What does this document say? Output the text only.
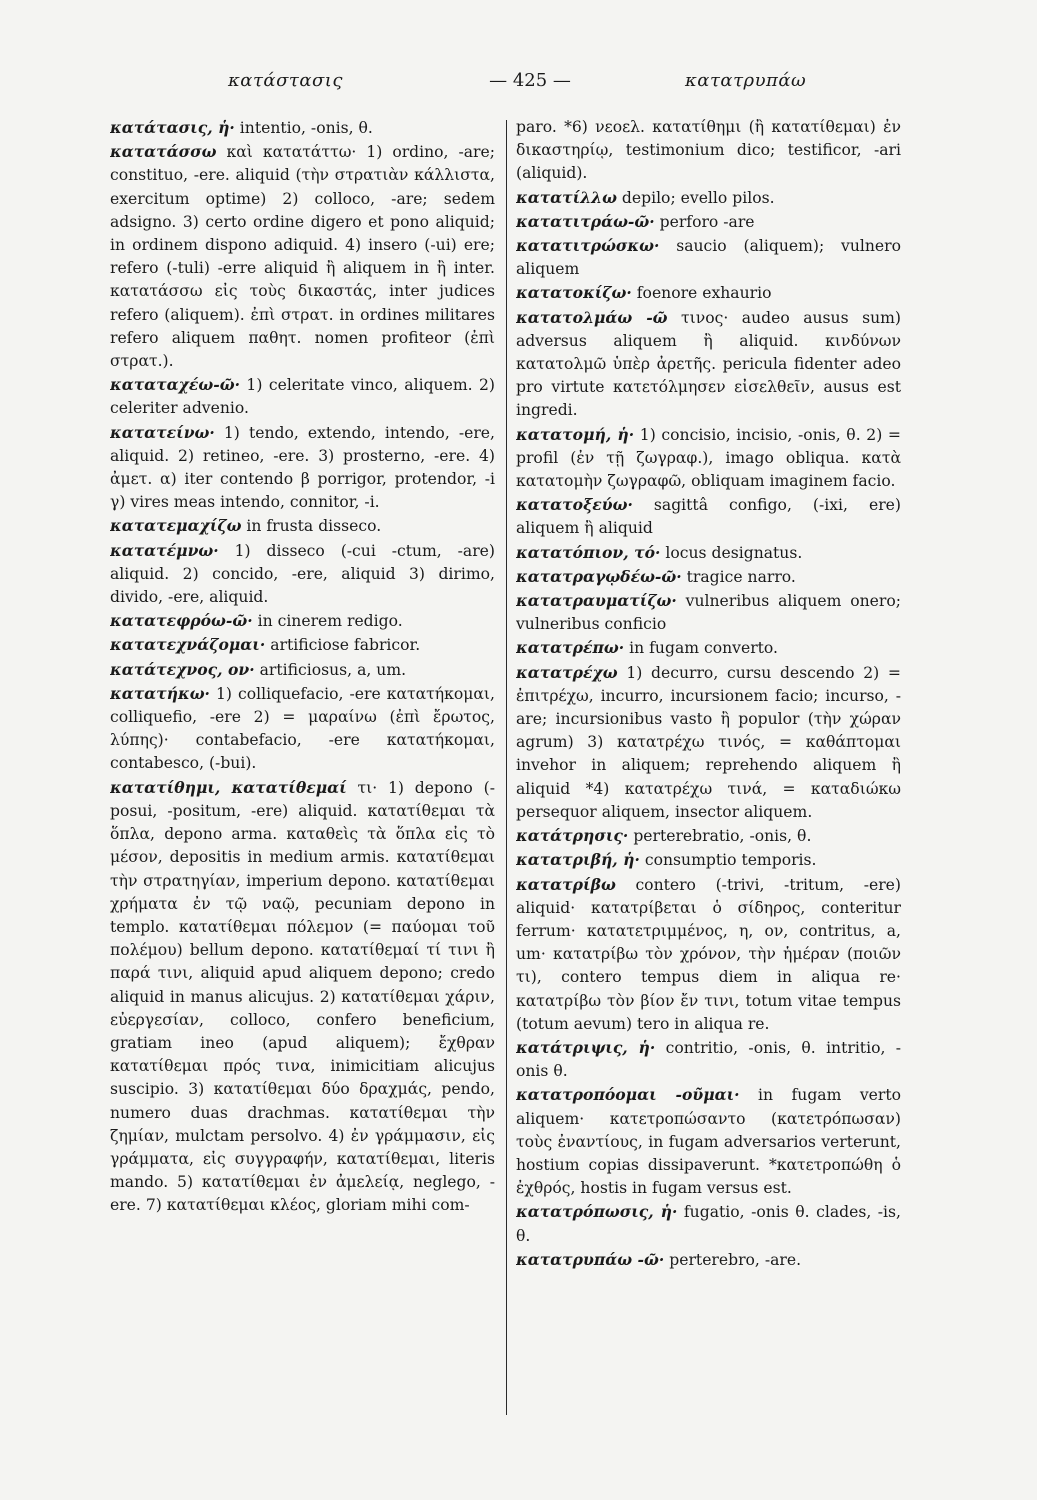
κατάστασις	— 425 —	κατατρυπάω

κατάτασις, ἡ· intentio, -onis, θ.

κατατάσσω καὶ κατατάττω· 1) ordino, -are; constituo, -ere. aliquid (τὴν στρατιὰν κάλλιστα, exercitum optime) 2) colloco, -are; sedem adsigno. 3) certo ordine digero et pono aliquid; in ordinem dispono adiquid. 4) insero (-ui) ere; refero (-tuli) -erre aliquid ἢ aliquem in ἢ inter. κατατάσσω εἰς τοὺς δικαστάς, inter judices refero (aliquem). ἐπὶ στρατ. in ordines militares refero aliquem παθητ. nomen profiteor (ἐπὶ στρατ.).

καταταχέω-ῶ· 1) celeritate vinco, aliquem. 2) celeriter advenio.

κατατείνω· 1) tendo, extendo, intendo, -ere, aliquid. 2) retineo, -ere. 3) prosterno, -ere. 4) ἀμετ. α) iter contendo β porrigor, protendor, -i γ) vires meas intendo, connitor, -i.

κατατεμαχίζω in frusta disseco.

κατατέμνω· 1) disseco (-cui -ctum, -are) aliquid. 2) concido, -ere, aliquid 3) dirimo, divido, -ere, aliquid.

κατατεφρόω-ῶ· in cinerem redigo.

κατατεχνάζομαι· artificiose fabricor.

κατάτεχνος, ον· artificiosus, a, um.

κατατήκω· 1) colliquefacio, -ere κατατήκομαι, colliquefio, -ere 2) = μαραίνω (ἐπὶ ἔρωτος, λύπης)· contabefacio, -ere κατατήκομαι, contabesco, (-bui).

κατατίθημι, κατατίθεμαί τι· 1) depono (-posui, -positum, -ere) aliquid. κατατίθεμαι τὰ ὅπλα, depono arma. καταθεὶς τὰ ὅπλα εἰς τὸ μέσον, depositis in medium armis. κατατίθεμαι τὴν στρατηγίαν, imperium depono. κατατίθεμαι χρήματα ἐν τῷ ναῷ, pecuniam depono in templo. κατατίθεμαι πόλεμον (= παύομαι τοῦ πολέμου) bellum depono. κατατίθεμαί τί τινι ἢ παρά τινι, aliquid apud aliquem depono; credo aliquid in manus alicujus. 2) κατατίθεμαι χάριν, εὐεργεσίαν, colloco, confero beneficium, gratiam ineo (apud aliquem); ἔχθραν κατατίθεμαι πρός τινα, inimicitiam alicujus suscipio. 3) κατατίθεμαι δύο δραχμάς, pendo, numero duas drachmas. κατατίθεμαι τὴν ζημίαν, mulctam persolvo. 4) ἐν γράμμασιν, εἰς γράμματα, εἰς συγγραφήν, κατατίθεμαι, literis mando. 5) κατατίθεμαι ἐν ἀμελείᾳ, neglego, -ere. 7) κατατίθεμαι κλέος, gloriam mihi com-

paro. *6) νεοελ. κατατίθημι (ἢ κατατίθεμαι) ἐν δικαστηρίῳ, testimonium dico; testificor, -ari (aliquid).

κατατίλλω depilo; evello pilos.

κατατιτράω-ῶ· perforo -are

κατατιτρώσκω· saucio (aliquem); vulnero aliquem

κατατοκίζω· foenore exhaurio

κατατολμάω -ῶ τινος· audeo ausus sum) adversus aliquem ἢ aliquid. κινδύνων κατατολμῶ ὑπὲρ ἀρετῆς. pericula fidenter adeo pro virtute κατετόλμησεν εἰσελθεῖν, ausus est ingredi.

κατατομή, ἡ· 1) concisio, incisio, -onis, θ. 2) = profil (ἐν τῇ ζωγραφ.), imago obliqua. κατὰ κατατομὴν ζωγραφῶ, obliquam imaginem facio.

κατατοξεύω· sagittâ configo, (-ixi, ere) aliquem ἢ aliquid

κατατόπιον, τό· locus designatus.

κατατραγῳδέω-ῶ· tragice narro.

κατατραυματίζω· vulneribus aliquem onero; vulneribus conficio

κατατρέπω· in fugam converto.

κατατρέχω 1) decurro, cursu descendo 2) = ἐπιτρέχω, incurro, incursionem facio; incurso, -are; incursionibus vasto ἢ populor (τὴν χώραν agrum) 3) κατατρέχω τινός, = καθάπτομαι invehor in aliquem; reprehendo aliquem ἢ aliquid *4) κατατρέχω τινά, = καταδιώκω persequor aliquem, insector aliquem.

κατάτρησις· perterebratio, -onis, θ.

κατατριβή, ἡ· consumptio temporis.

κατατρίβω contero (-trivi, -tritum, -ere) aliquid· κατατρίβεται ὁ σίδηρος, conteritur ferrum· κατατετριμμένος, η, ον, contritus, a, um· κατατρίβω τὸν χρόνον, τὴν ἡμέραν (ποιῶν τι), contero tempus diem in aliqua re· κατατρίβω τὸν βίον ἔν τινι, totum vitae tempus (totum aevum) tero in aliqua re.

κατάτριψις, ἡ· contritio, -onis, θ. intritio, -onis θ.

κατατροπόομαι -οῦμαι· in fugam verto aliquem· κατετροπώσαντο (κατετρόπωσαν) τοὺς ἐναντίους, in fugam adversarios verterunt, hostium copias dissipaverunt. *κατετροπώθη ὁ ἐχθρός, hostis in fugam versus est.

κατατρόπωσις, ἡ· fugatio, -onis θ. clades, -is, θ.

κατατρυπάω -ῶ· perterebro, -are.
